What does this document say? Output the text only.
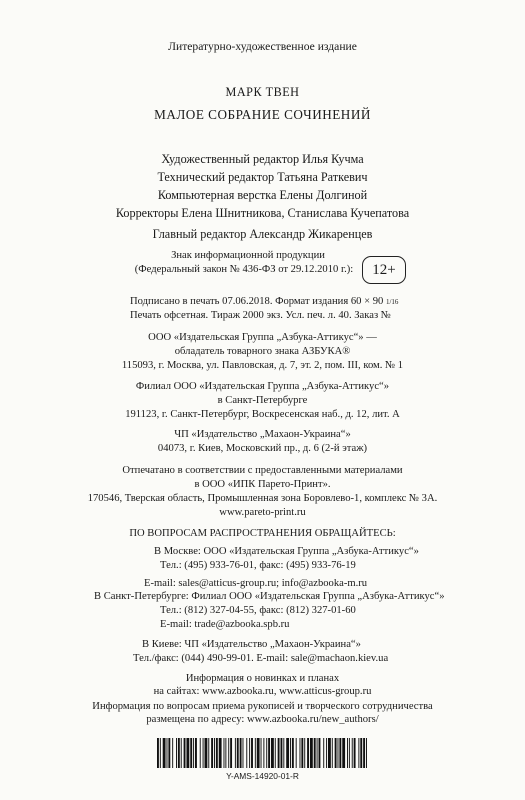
Литературно-художественное издание
МАРК ТВЕН
МАЛОЕ СОБРАНИЕ СОЧИНЕНИЙ
Художественный редактор Илья Кучма
Технический редактор Татьяна Раткевич
Компьютерная верстка Елены Долгиной
Корректоры Елена Шнитникова, Станислава Кучепатова
Главный редактор Александр Жикаренцев
Знак информационной продукции
(Федеральный закон № 436-ФЗ от 29.12.2010 г.):	12+
Подписано в печать 07.06.2018. Формат издания 60 × 90 1/16
Печать офсетная. Тираж 2000 экз. Усл. печ. л. 40. Заказ №
ООО «Издательская Группа „Азбука-Аттикус“» —
обладатель товарного знака АЗБУКА®
115093, г. Москва, ул. Павловская, д. 7, эт. 2, пом. III, ком. № 1
Филиал ООО «Издательская Группа „Азбука-Аттикус“»
в Санкт-Петербурге
191123, г. Санкт-Петербург, Воскресенская наб., д. 12, лит. А
ЧП «Издательство „Махаон-Украина“»
04073, г. Киев, Московский пр., д. 6 (2-й этаж)
Отпечатано в соответствии с предоставленными материалами
в ООО «ИПК Парето-Принт».
170546, Тверская область, Промышленная зона Боровлево-1, комплекс № 3А.
www.pareto-print.ru
ПО ВОПРОСАМ РАСПРОСТРАНЕНИЯ ОБРАЩАЙТЕСЬ:
В Москве: ООО «Издательская Группа „Азбука-Аттикус“»
Тел.: (495) 933-76-01, факс: (495) 933-76-19
E-mail: sales@atticus-group.ru; info@azbooka-m.ru
В Санкт-Петербурге: Филиал ООО «Издательская Группа „Азбука-Аттикус“»
Тел.: (812) 327-04-55, факс: (812) 327-01-60
E-mail: trade@azbooka.spb.ru
В Киеве: ЧП «Издательство „Махаон-Украина“»
Тел./факс: (044) 490-99-01. E-mail: sale@machaon.kiev.ua
Y-AMS-14920-01-R
Информация о новинках и планах
на сайтах: www.azbooka.ru, www.atticus-group.ru
Информация по вопросам приема рукописей и творческого сотрудничества
размещена по адресу: www.azbooka.ru/new_authors/
